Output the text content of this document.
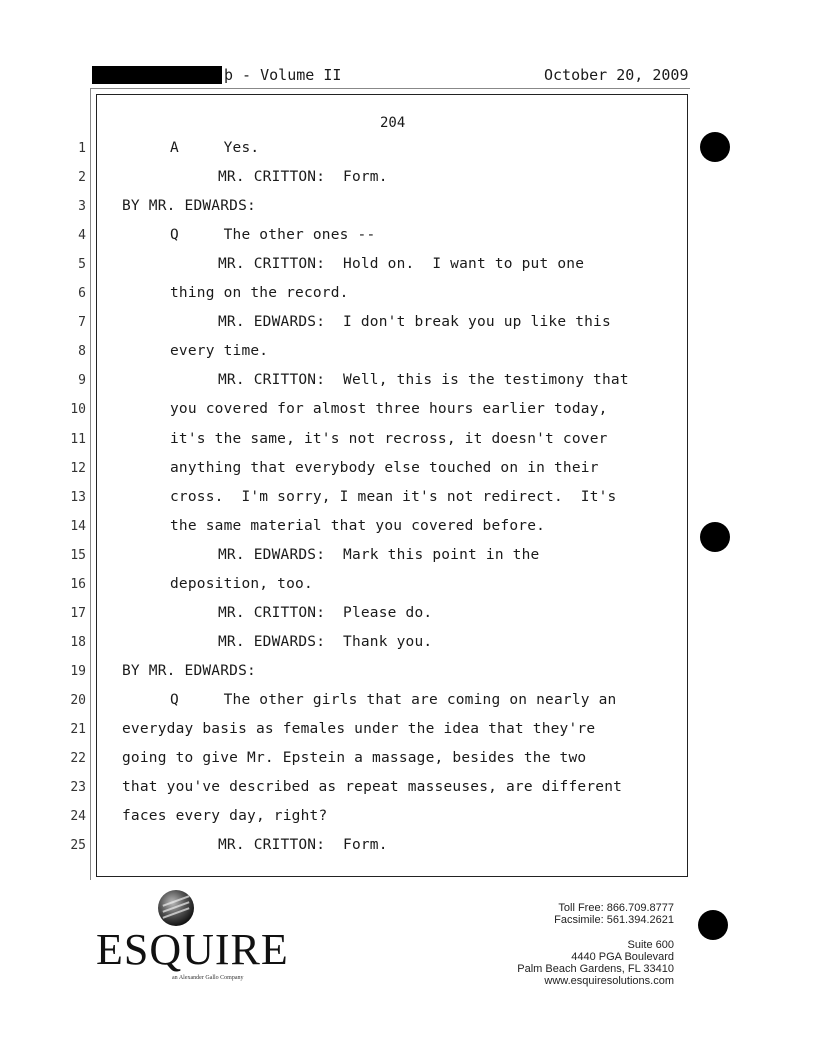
þ - Volume II	October 20, 2009
204
1	A     Yes.
2	MR. CRITTON:  Form.
3 BY MR. EDWARDS:
4	Q     The other ones --
5	MR. CRITTON:  Hold on.  I want to put one
6	thing on the record.
7	MR. EDWARDS:  I don't break you up like this
8	every time.
9	MR. CRITTON:  Well, this is the testimony that
10	you covered for almost three hours earlier today,
11	it's the same, it's not recross, it doesn't cover
12	anything that everybody else touched on in their
13	cross.  I'm sorry, I mean it's not redirect.  It's
14	the same material that you covered before.
15	MR. EDWARDS:  Mark this point in the
16	deposition, too.
17	MR. CRITTON:  Please do.
18	MR. EDWARDS:  Thank you.
19 BY MR. EDWARDS:
20	Q     The other girls that are coming on nearly an
21 everyday basis as females under the idea that they're
22 going to give Mr. Epstein a massage, besides the two
23 that you've described as repeat masseuses, are different
24 faces every day, right?
25	MR. CRITTON:  Form.
ESQUIRE
an Alexander Gallo Company
Toll Free: 866.709.8777
Facsimile: 561.394.2621
Suite 600
4440 PGA Boulevard
Palm Beach Gardens, FL 33410
www.esquiresolutions.com
